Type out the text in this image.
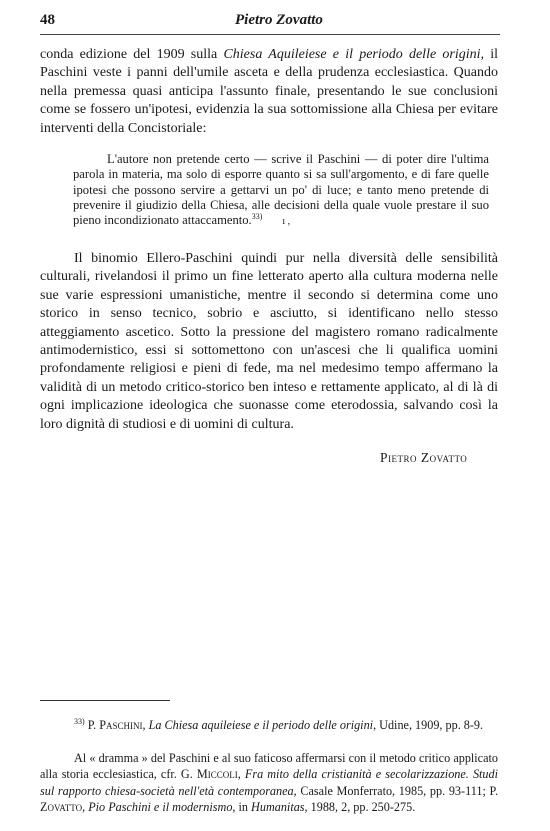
48	Pietro Zovatto

conda edizione del 1909 sulla Chiesa Aquileiese e il periodo delle origini, il Paschini veste i panni dell'umile asceta e della prudenza ecclesiastica. Quando nella premessa quasi anticipa l'assunto finale, presentando le sue conclusioni come se fossero un'ipotesi, evidenzia la sua sottomissione alla Chiesa per evitare interventi della Concistoriale:

L'autore non pretende certo — scrive il Paschini — di poter dire l'ultima parola in materia, ma solo di esporre quanto si sa sull'argomento, e di fare quelle ipotesi che possono servire a gettarvi un po' di luce; e tanto meno pretende di prevenire il giudizio della Chiesa, alle decisioni della quale vuole prestare il suo pieno incondizionato attaccamento.$^{33)}$ ı ,

Il binomio Ellero-Paschini quindi pur nella diversità delle sensibilità culturali, rivelandosi il primo un fine letterato aperto alla cultura moderna nelle sue varie espressioni umanistiche, mentre il secondo si determina come uno storico in senso tecnico, sobrio e asciutto, si identificano nello stesso atteggiamento ascetico. Sotto la pressione del magistero romano radicalmente antimodernistico, essi si sottomettono con un'ascesi che li qualifica uomini profondamente religiosi e pieni di fede, ma nel medesimo tempo affermano la validità di un metodo critico-storico ben inteso e rettamente applicato, al di là di ogni implicazione ideologica che suonasse come eterodossia, salvando così la loro dignità di studiosi e di uomini di cultura.

Pietro Zovatto

$^{33)}$ P. Paschini, La Chiesa aquileiese e il periodo delle origini, Udine, 1909, pp. 8-9.

Al « dramma » del Paschini e al suo faticoso affermarsi con il metodo critico applicato alla storia ecclesiastica, cfr. G. Miccoli, Fra mito della cristianità e secolarizzazione. Studi sul rapporto chiesa-società nell'età contemporanea, Casale Monferrato, 1985, pp. 93-111; P. Zovatto, Pio Paschini e il modernismo, in Humanitas, 1988, 2, pp. 250-275.
